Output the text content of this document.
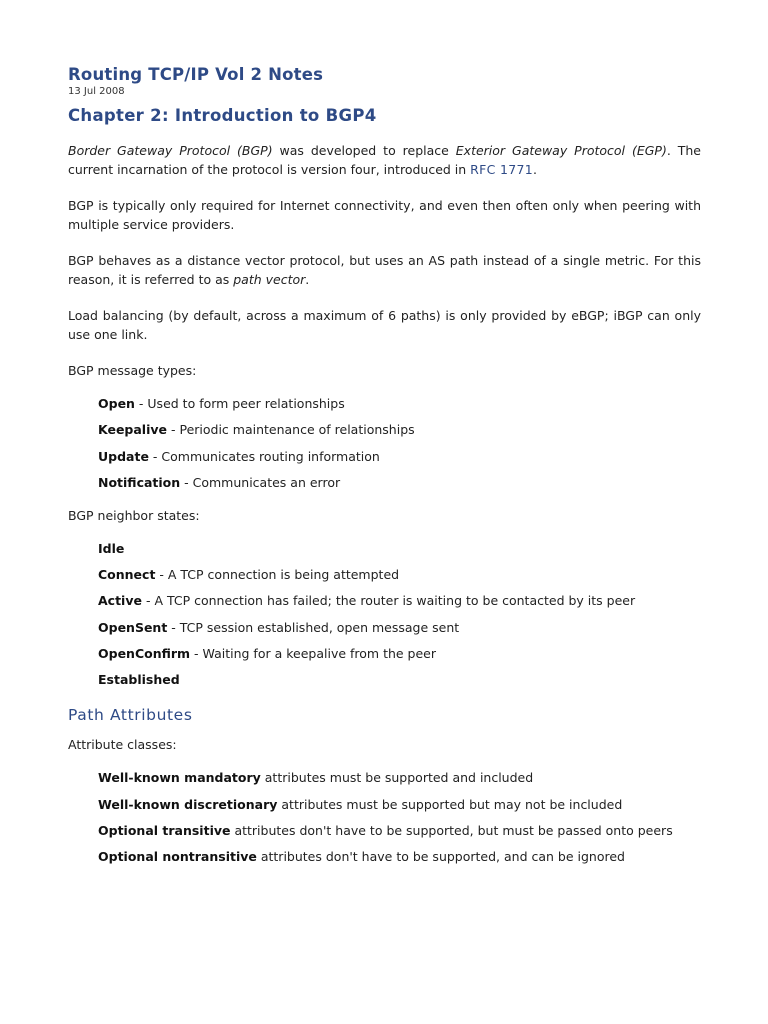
Routing TCP/IP Vol 2 Notes
13 Jul 2008
Chapter 2: Introduction to BGP4

Border Gateway Protocol (BGP) was developed to replace Exterior Gateway Protocol (EGP). The current incarnation of the protocol is version four, introduced in RFC 1771.

BGP is typically only required for Internet connectivity, and even then often only when peering with multiple service providers.

BGP behaves as a distance vector protocol, but uses an AS path instead of a single metric. For this reason, it is referred to as path vector.

Load balancing (by default, across a maximum of 6 paths) is only provided by eBGP; iBGP can only use one link.

BGP message types:

Open - Used to form peer relationships
Keepalive - Periodic maintenance of relationships
Update - Communicates routing information
Notification - Communicates an error

BGP neighbor states:

Idle
Connect - A TCP connection is being attempted
Active - A TCP connection has failed; the router is waiting to be contacted by its peer
OpenSent - TCP session established, open message sent
OpenConfirm - Waiting for a keepalive from the peer
Established
Path Attributes

Attribute classes:

Well-known mandatory attributes must be supported and included
Well-known discretionary attributes must be supported but may not be included
Optional transitive attributes don't have to be supported, but must be passed onto peers
Optional nontransitive attributes don't have to be supported, and can be ignored
